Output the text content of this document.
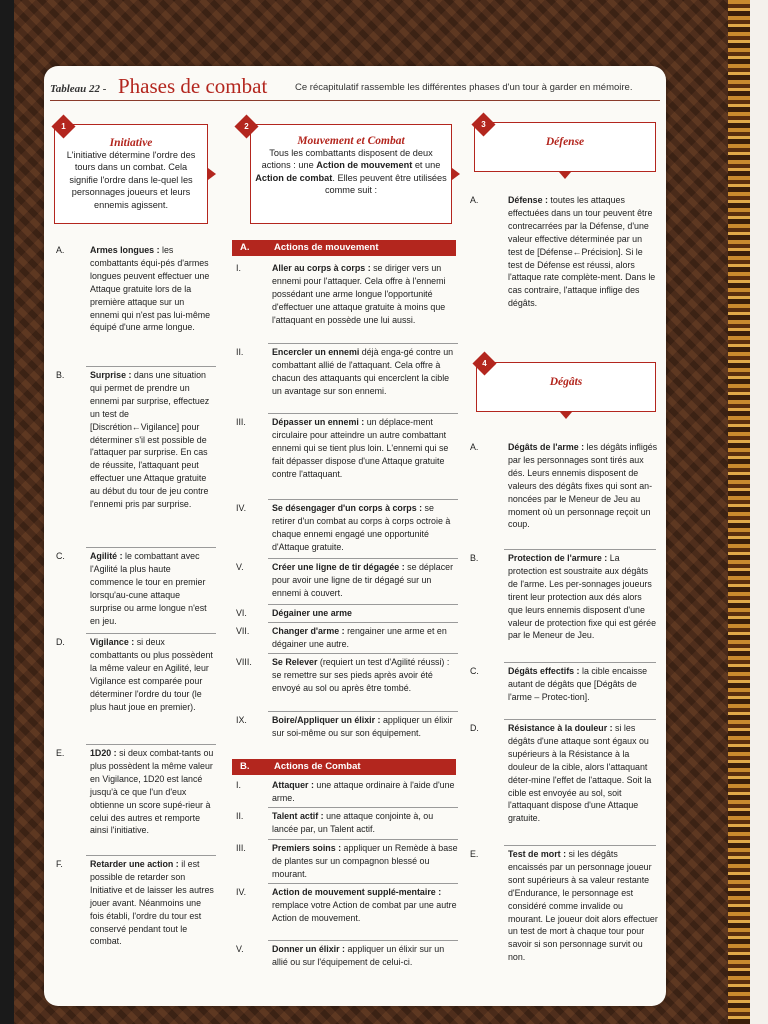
Tableau 22 - Phases de combat	Ce récapitulatif rassemble les différentes phases d'un tour à garder en mémoire.
Initiative
L'initiative détermine l'ordre des tours dans un combat. Cela signifie l'ordre dans le-quel les personnages joueurs et leurs ennemis agissent.
1
Mouvement et Combat
Tous les combattants disposent de deux actions : une Action de mouvement et une Action de combat. Elles peuvent être utilisées comme suit :
2
Défense
3
Dégâts
4
A.	Actions de mouvement
B.	Actions de Combat
A.	Armes longues : les combattants équi-pés d'armes longues peuvent effectuer une Attaque gratuite lors de la première attaque sur un ennemi qui n'est pas lui-même équipé d'une arme longue.
B.	Surprise : dans une situation qui permet de prendre un ennemi par surprise, effectuez un test de [Discrétion←Vigilance] pour déterminer s'il est possible de l'attaquer par surprise. En cas de réussite, l'attaquant peut effectuer une Attaque gratuite au début du tour de jeu contre l'ennemi pris par surprise.
C.	Agilité : le combattant avec l'Agilité la plus haute commence le tour en premier lorsqu'au-cune attaque surprise ou arme longue n'est en jeu.
D.	Vigilance : si deux combattants ou plus possèdent la même valeur en Agilité, leur Vigilance est comparée pour déterminer l'ordre du tour (le plus haut joue en premier).
E.	1D20 : si deux combat-tants ou plus possèdent la même valeur en Vigilance, 1D20 est lancé jusqu'à ce que l'un d'eux obtienne un score supé-rieur à celui des autres et remporte ainsi l'initiative.
F.	Retarder une action : il est possible de retarder son Initiative et de laisser les autres jouer avant. Néanmoins une fois établi, l'ordre du tour est conservé pendant tout le combat.
I.	Aller au corps à corps : se diriger vers un ennemi pour l'attaquer. Cela offre à l'ennemi possédant une arme longue l'opportunité d'effectuer une attaque gratuite à moins que l'attaquant en possède une lui aussi.
II.	Encercler un ennemi déjà enga-gé contre un combattant allié de l'attaquant. Cela offre à chacun des attaquants qui encerclent la cible un avantage sur son ennemi.
III.	Dépasser un ennemi : un déplace-ment circulaire pour atteindre un autre combattant ennemi qui se tient plus loin. L'ennemi qui se fait dépasser dispose d'une Attaque gratuite contre l'attaquant.
IV.	Se désengager d'un corps à corps : se retirer d'un combat au corps à corps octroie à chaque ennemi engagé une opportunité d'Attaque gratuite.
V.	Créer une ligne de tir dégagée : se déplacer pour avoir une ligne de tir dégagé sur un ennemi à couvert.
VI.	Dégainer une arme
VII.	Changer d'arme : rengainer une arme et en dégainer une autre.
VIII. Se Relever (requiert un test d'Agilité réussi) : se remettre sur ses pieds après avoir été envoyé au sol ou après être tombé.
IX.	Boire/Appliquer un élixir : appliquer un élixir sur soi-même ou sur son équipement.
I.	Attaquer : une attaque ordinaire à l'aide d'une arme.
II.	Talent actif : une attaque conjointe à, ou lancée par, un Talent actif.
III.	Premiers soins : appliquer un Remède à base de plantes sur un compagnon blessé ou mourant.
IV.	Action de mouvement supplé-mentaire : remplace votre Action de combat par une autre Action de mouvement.
V.	Donner un élixir : appliquer un élixir sur un allié ou sur l'équipement de celui-ci.
A.	Défense : toutes les attaques effectuées dans un tour peuvent être contrecarrées par la Défense, d'une valeur effective déterminée par un test de [Défense←Précision]. Si le test de Défense est réussi, alors l'attaque rate complète-ment. Dans le cas contraire, l'attaque inflige des dégâts.
A.	Dégâts de l'arme : les dégâts infligés par les personnages sont tirés aux dés. Leurs ennemis disposent de valeurs des dégâts fixes qui sont an-noncées par le Meneur de Jeu au moment où un personnage reçoit un coup.
B.	Protection de l'armure : La protection est soustraite aux dégâts de l'arme. Les per-sonnages joueurs tirent leur protection aux dés alors que leurs ennemis disposent d'une valeur de protection fixe qui est gérée par le Meneur de Jeu.
C.	Dégâts effectifs : la cible encaisse autant de dégâts que [Dégâts de l'arme – Protec-tion].
D.	Résistance à la douleur : si les dégâts d'une attaque sont égaux ou supérieurs à la Résistance à la douleur de la cible, alors l'attaquant déter-mine l'effet de l'attaque. Soit la cible est envoyée au sol, soit l'attaquant dispose d'une Attaque gratuite.
E.	Test de mort : si les dégâts encaissés par un personnage joueur sont supérieurs à sa valeur restante d'Endurance, le personnage est considéré comme invalide ou mourant. Le joueur doit alors effectuer un test de mort à chaque tour pour savoir si son personnage survit ou non.
